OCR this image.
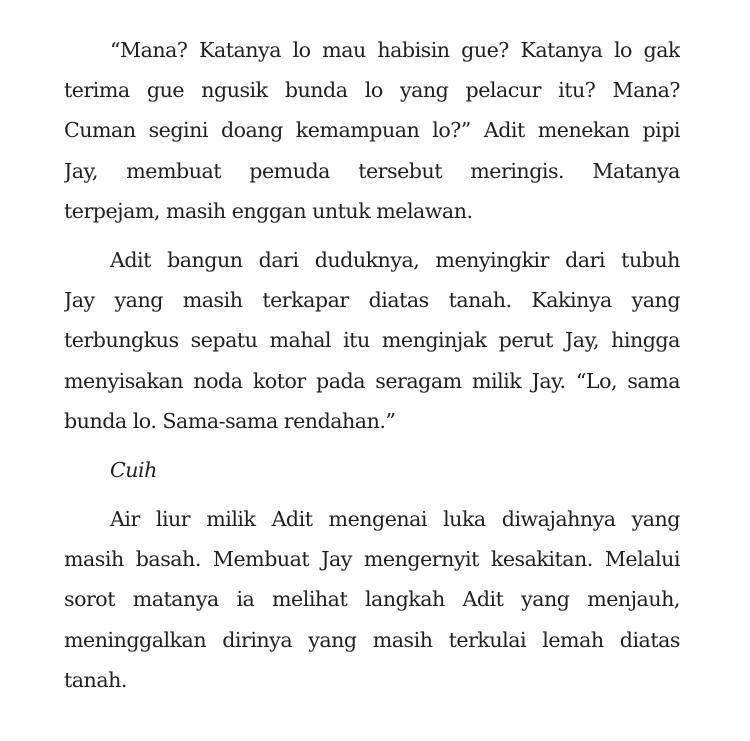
“Mana? Katanya lo mau habisin gue? Katanya lo gak
terima gue ngusik bunda lo yang pelacur itu? Mana?
Cuman segini doang kemampuan lo?” Adit menekan pipi
Jay, membuat pemuda tersebut meringis. Matanya
terpejam, masih enggan untuk melawan.
Adit bangun dari duduknya, menyingkir dari tubuh
Jay yang masih terkapar diatas tanah. Kakinya yang
terbungkus sepatu mahal itu menginjak perut Jay, hingga
menyisakan noda kotor pada seragam milik Jay. “Lo, sama
bunda lo. Sama-sama rendahan.”
Cuih
Air liur milik Adit mengenai luka diwajahnya yang
masih basah. Membuat Jay mengernyit kesakitan. Melalui
sorot matanya ia melihat langkah Adit yang menjauh,
meninggalkan dirinya yang masih terkulai lemah diatas
tanah.
